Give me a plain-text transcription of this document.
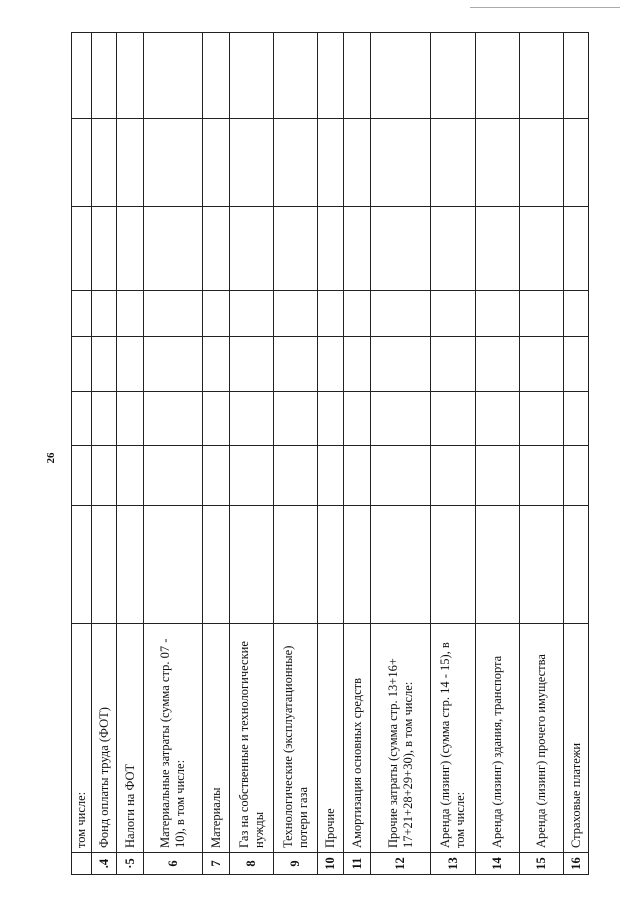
26
	том числе:								
.4	Фонд оплаты труда (ФОТ)								
·5	Налоги на ФОТ								
6	Материальные затраты (сумма стр. 07 - 10), в том числе:								
7	Материалы								
8	Газ на собственные и технологические нужды								
9	Технологические (эксплуатационные) потери газа								
10	Прочие								
11	Амортизация основных средств								
12	Прочие затраты (сумма стр. 13+16+ 17+21+28+29+30), в том числе:								
13	Аренда (лизинг) (сумма стр. 14 - 15), в том числе:								
14	Аренда (лизинг) здания, транспорта								
15	Аренда (лизинг) прочего имущества								
16	Страховые платежи								
